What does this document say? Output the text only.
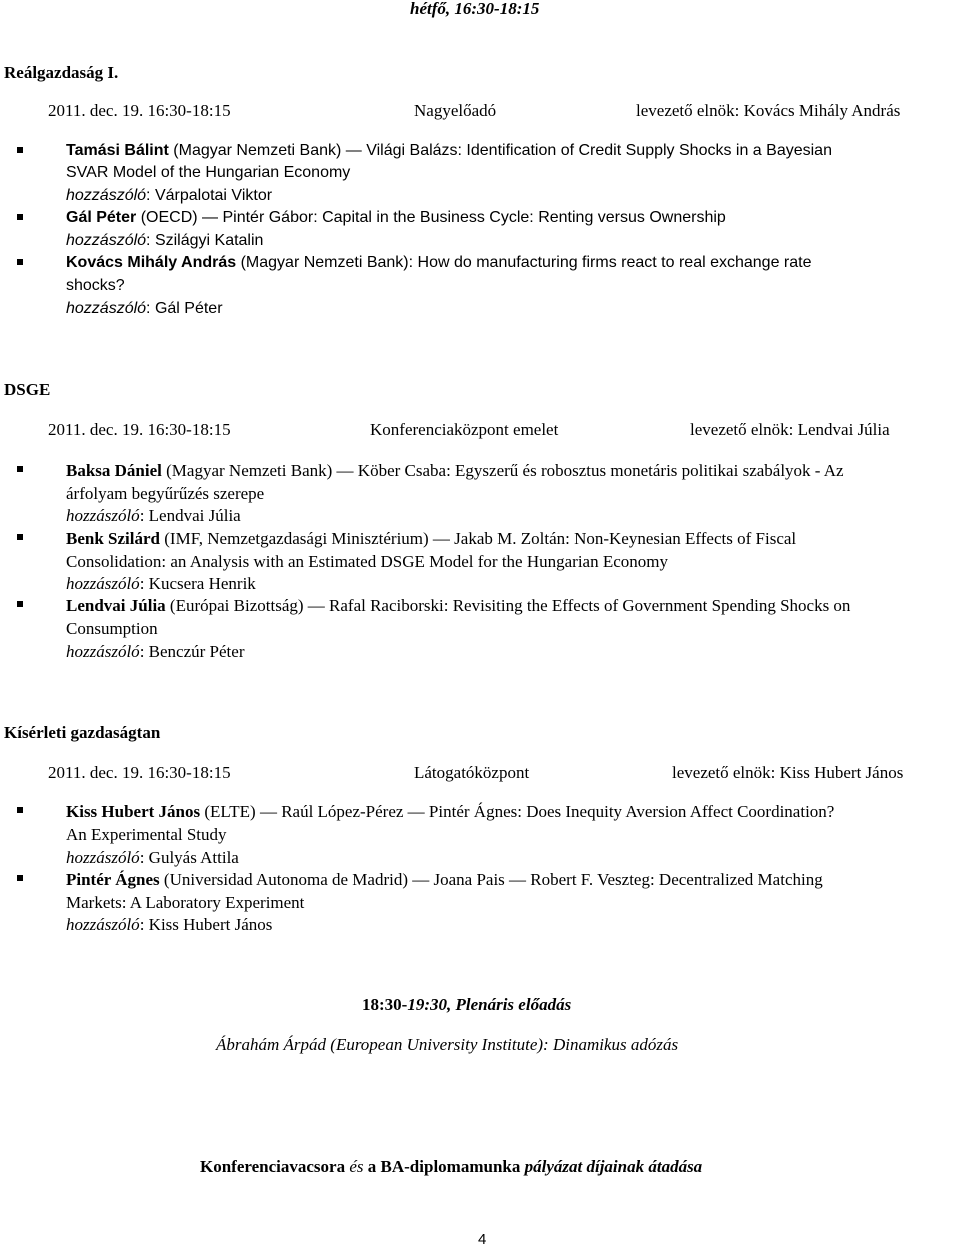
hétfő, 16:30-18:15
Reálgazdaság I.
2011. dec. 19. 16:30-18:15	Nagyelőadó	levezető elnök: Kovács Mihály András
Tamási Bálint (Magyar Nemzeti Bank) — Világi Balázs: Identification of Credit Supply Shocks in a Bayesian
SVAR Model of the Hungarian Economy
hozzászóló: Várpalotai Viktor
Gál Péter (OECD) — Pintér Gábor: Capital in the Business Cycle: Renting versus Ownership
hozzászóló: Szilágyi Katalin
Kovács Mihály András (Magyar Nemzeti Bank): How do manufacturing firms react to real exchange rate
shocks?
hozzászóló: Gál Péter
DSGE
2011. dec. 19. 16:30-18:15	Konferenciaközpont emelet	levezető elnök: Lendvai Júlia
Baksa Dániel (Magyar Nemzeti Bank) — Köber Csaba: Egyszerű és robosztus monetáris politikai szabályok - Az
árfolyam begyűrűzés szerepe
hozzászóló: Lendvai Júlia
Benk Szilárd (IMF, Nemzetgazdasági Minisztérium) — Jakab M. Zoltán: Non-Keynesian Effects of Fiscal
Consolidation: an Analysis with an Estimated DSGE Model for the Hungarian Economy
hozzászóló: Kucsera Henrik
Lendvai Júlia (Európai Bizottság) — Rafal Raciborski: Revisiting the Effects of Government Spending Shocks on
Consumption
hozzászóló: Benczúr Péter
Kísérleti gazdaságtan
2011. dec. 19. 16:30-18:15	Látogatóközpont	levezető elnök: Kiss Hubert János
Kiss Hubert János (ELTE) — Raúl López-Pérez — Pintér Ágnes: Does Inequity Aversion Affect Coordination?
An Experimental Study
hozzászóló: Gulyás Attila
Pintér Ágnes (Universidad Autonoma de Madrid) — Joana Pais — Robert F. Veszteg: Decentralized Matching
Markets: A Laboratory Experiment
hozzászóló: Kiss Hubert János
18:30-19:30, Plenáris előadás
Ábrahám Árpád (European University Institute): Dinamikus adózás
Konferenciavacsora és a BA-diplomamunka pályázat díjainak átadása
4
